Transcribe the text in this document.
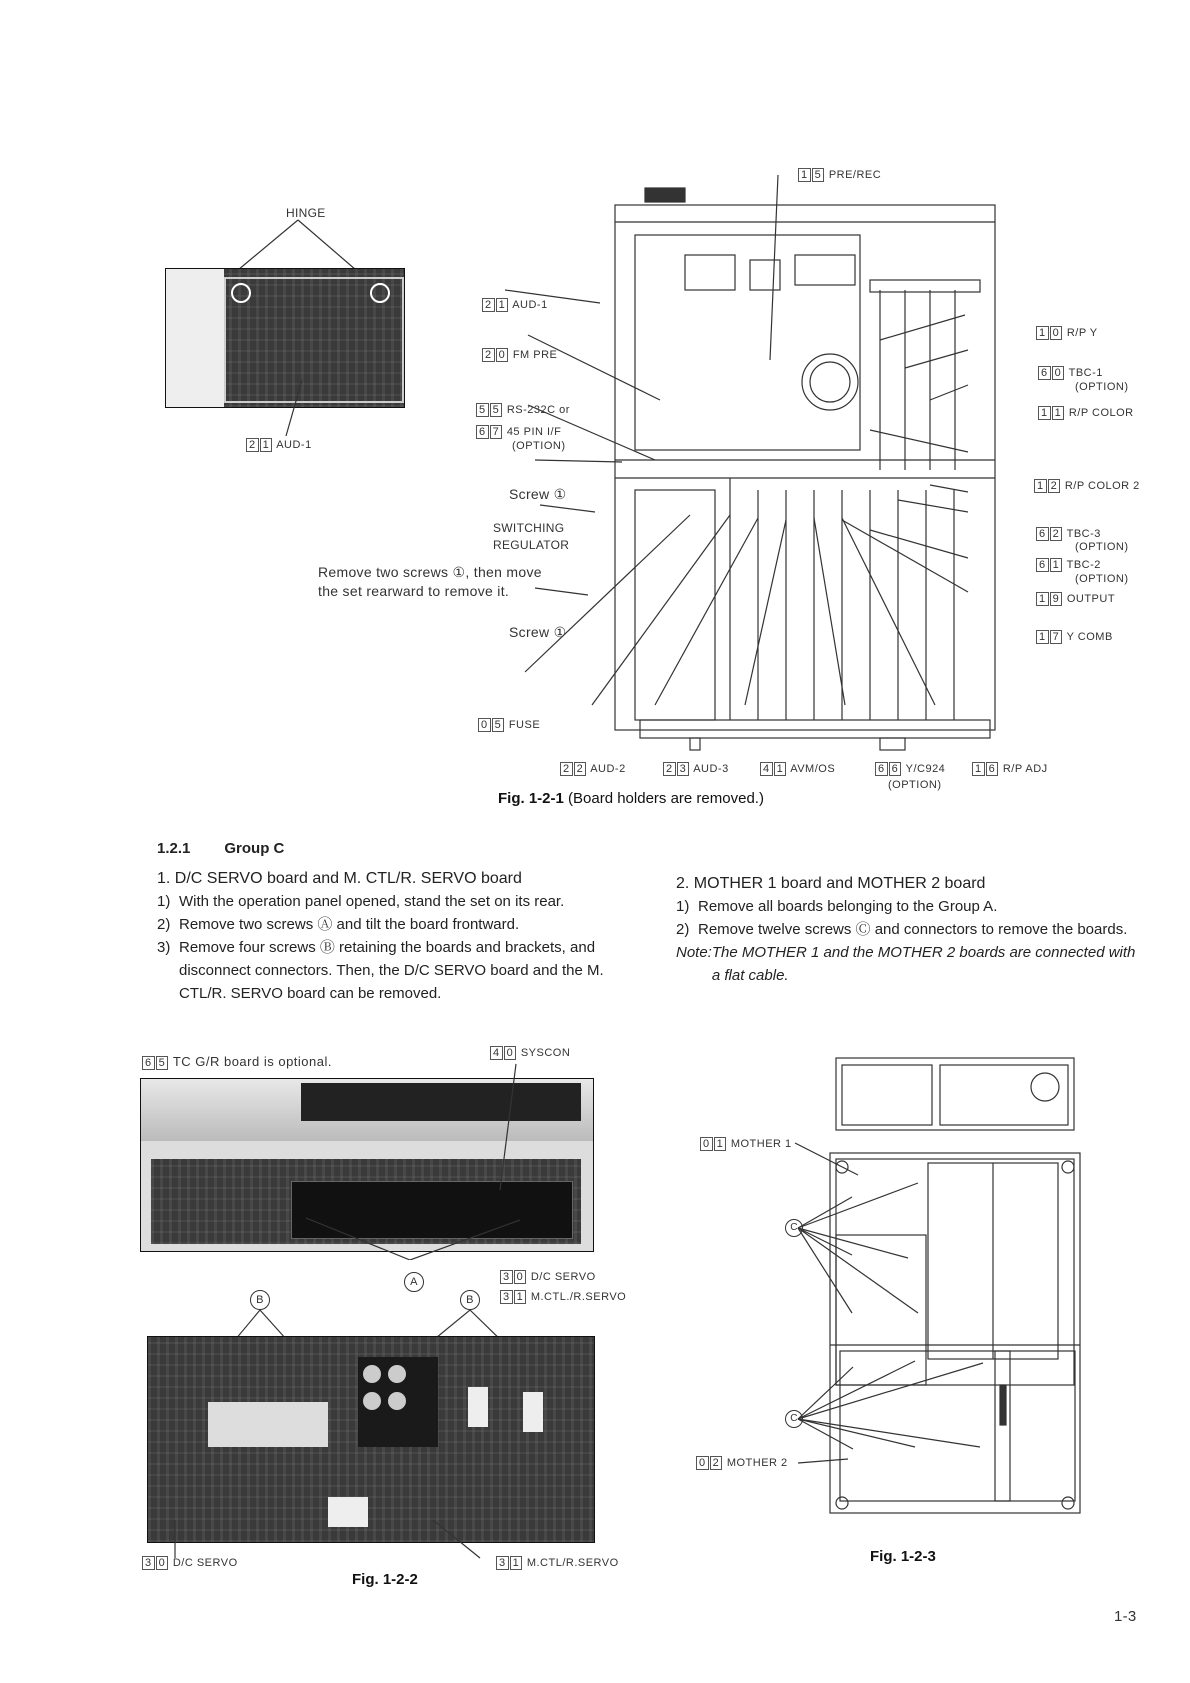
HINGE
2 1 AUD-1
1 5 PRE/REC
2 1 AUD-1
2 0 FM PRE
5 5 RS-232C or
6 7 45 PIN I/F
(OPTION)
Screw ①
SWITCHING
REGULATOR
Remove two screws ①, then move
the set rearward to remove it.
Screw ①
0 5 FUSE
1 0 R/P Y
6 0 TBC-1
(OPTION)
1 1 R/P COLOR
1 2 R/P COLOR 2
6 2 TBC-3
(OPTION)
6 1 TBC-2
(OPTION)
1 9 OUTPUT
1 7 Y COMB
2 2 AUD-2	2 3 AUD-3	4 1 AVM/OS	6 6 Y/C924
(OPTION)
1 6 R/P ADJ
Fig. 1-2-1 (Board holders are removed.)
1.2.1 Group C
1. D/C SERVO board and M. CTL/R. SERVO board
1) With the operation panel opened, stand the set on its rear.
2) Remove two screws Ⓐ and tilt the board frontward.
3) Remove four screws Ⓑ retaining the boards and brackets, and disconnect connectors. Then, the D/C SERVO board and the M. CTL/R. SERVO board can be removed.
2. MOTHER 1 board and MOTHER 2 board
1) Remove all boards belonging to the Group A.
2) Remove twelve screws Ⓒ and connectors to remove the boards.
Note: The MOTHER 1 and the MOTHER 2 boards are connected with a flat cable.
6 5 TC G/R board is optional.
4 0 SYSCON
A	3 0 D/C SERVO
3 1 M.CTL./R.SERVO
B	B
3 0 D/C SERVO	3 1 M.CTL/R.SERVO
Fig. 1-2-2
0 1 MOTHER 1
C
C
0 2 MOTHER 2
Fig. 1-2-3
1-3
